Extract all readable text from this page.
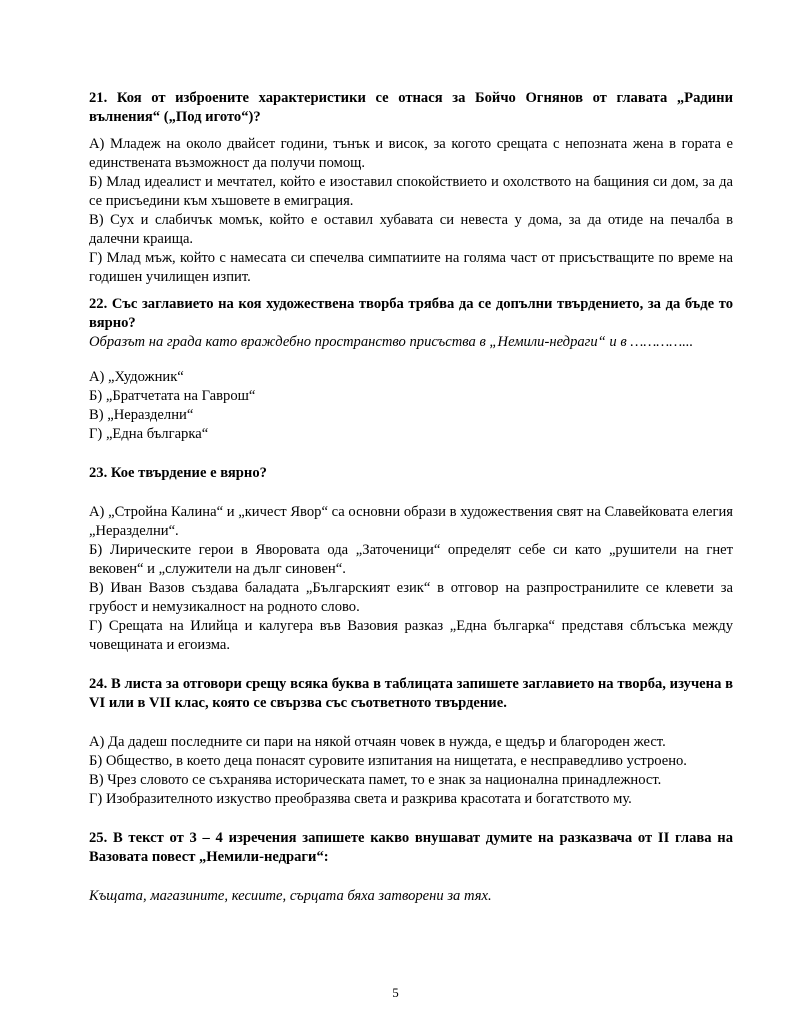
21. Коя от изброените характеристики се отнася за Бойчо Огнянов от главата „Радини вълнения“ („Под игото“)?

А) Младеж на около двайсет години, тънък и висок, за когото срещата с непозната жена в гората е единствената възможност да получи помощ.

Б) Млад идеалист и мечтател, който е изоставил спокойствието и охолството на бащиния си дом, за да се присъедини към хъшовете в емиграция.

В) Сух и слабичък момък, който е оставил хубавата си невеста у дома, за да отиде на печалба в далечни краища.

Г) Млад мъж, който с намесата си спечелва симпатиите на голяма част от присъстващите по време на годишен училищен изпит.

22. Със заглавието на коя художествена творба трябва да се допълни твърдението, за да бъде то вярно?

Образът на града като враждебно пространство присъства в „Немили-недраги“ и в …………...

А) „Художник“

Б) „Братчетата на Гаврош“

В) „Неразделни“

Г) „Една българка“

23. Кое твърдение е вярно?

А) „Стройна Калина“ и „кичест Явор“ са основни образи в художествения свят на Славейковата елегия „Неразделни“.

Б) Лирическите герои в Яворовата ода „Заточеници“ определят себе си като „рушители на гнет вековен“ и „служители на дълг синовен“.

В) Иван Вазов създава баладата „Българският език“ в отговор на разпространилите се клевети за грубост и немузикалност на родното слово.

Г) Срещата на Илийца и калугера във Вазовия разказ „Една българка“ представя сблъсъка между човещината и егоизма.

24. В листа за отговори срещу всяка буква в таблицата запишете заглавието на творба, изучена в VI или в VII клас, която се свързва със съответното твърдение.

А) Да дадеш последните си пари на някой отчаян човек в нужда, е щедър и благороден жест.

Б) Общество, в което деца понасят суровите изпитания на нищетата, е несправедливо устроено.

В) Чрез словото се съхранява историческата памет, то е знак за национална принадлежност.

Г) Изобразителното изкуство преобразява света и разкрива красотата и богатството му.

25. В текст от 3 – 4 изречения запишете какво внушават думите на разказвача от II глава на Вазовата повест „Немили-недраги“:

Къщата, магазините, кесиите, сърцата бяха затворени за тях.

5
